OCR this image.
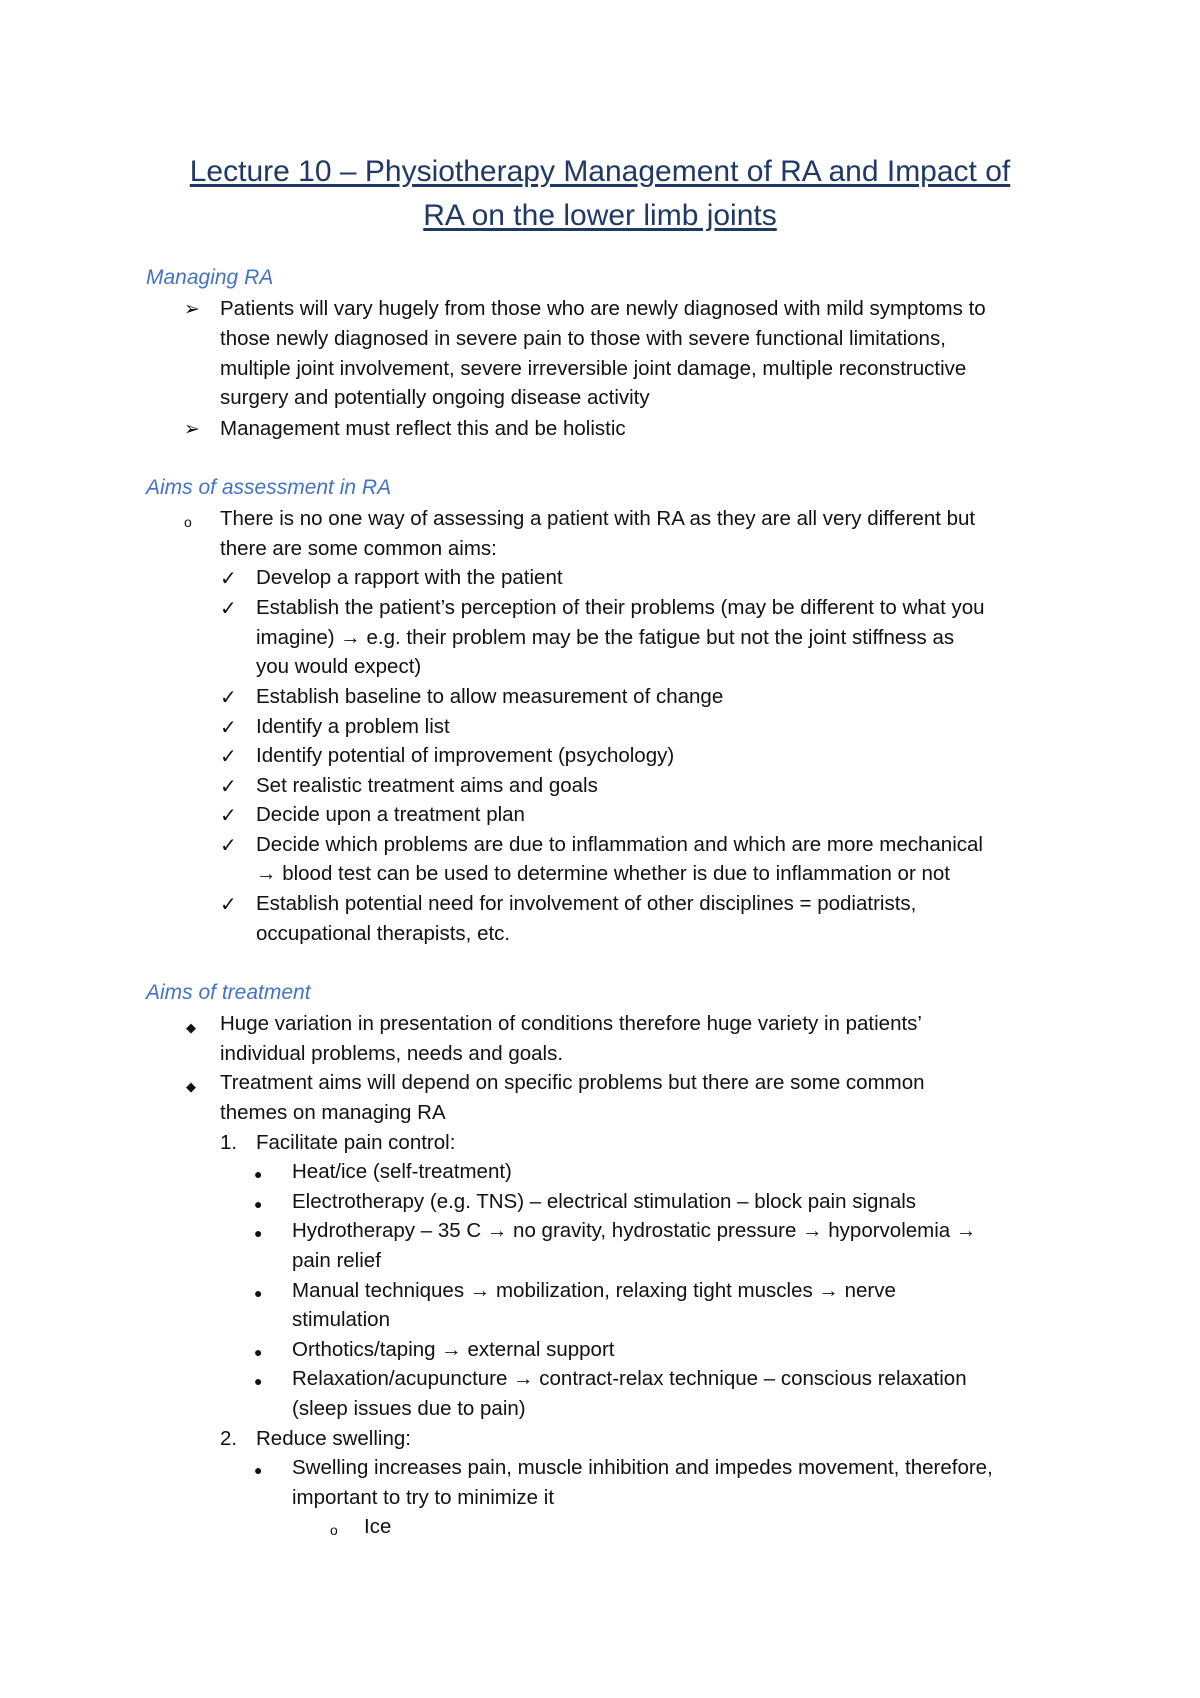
Lecture 10 – Physiotherapy Management of RA and Impact of
RA on the lower limb joints
Managing RA
➢ Patients will vary hugely from those who are newly diagnosed with mild symptoms to
those newly diagnosed in severe pain to those with severe functional limitations,
multiple joint involvement, severe irreversible joint damage, multiple reconstructive
surgery and potentially ongoing disease activity
➢ Management must reflect this and be holistic
Aims of assessment in RA
o There is no one way of assessing a patient with RA as they are all very different but
there are some common aims:
✓ Develop a rapport with the patient
✓ Establish the patient’s perception of their problems (may be different to what you
imagine) → e.g. their problem may be the fatigue but not the joint stiffness as
you would expect)
✓ Establish baseline to allow measurement of change
✓ Identify a problem list
✓ Identify potential of improvement (psychology)
✓ Set realistic treatment aims and goals
✓ Decide upon a treatment plan
✓ Decide which problems are due to inflammation and which are more mechanical
→ blood test can be used to determine whether is due to inflammation or not
✓ Establish potential need for involvement of other disciplines = podiatrists,
occupational therapists, etc.
Aims of treatment
◆ Huge variation in presentation of conditions therefore huge variety in patients’
individual problems, needs and goals.
◆ Treatment aims will depend on specific problems but there are some common
themes on managing RA
1. Facilitate pain control:
● Heat/ice (self-treatment)
● Electrotherapy (e.g. TNS) – electrical stimulation – block pain signals
● Hydrotherapy – 35 C → no gravity, hydrostatic pressure → hyporvolemia →
pain relief
● Manual techniques → mobilization, relaxing tight muscles → nerve
stimulation
● Orthotics/taping → external support
● Relaxation/acupuncture → contract-relax technique – conscious relaxation
(sleep issues due to pain)
2. Reduce swelling:
● Swelling increases pain, muscle inhibition and impedes movement, therefore,
important to try to minimize it
o Ice
